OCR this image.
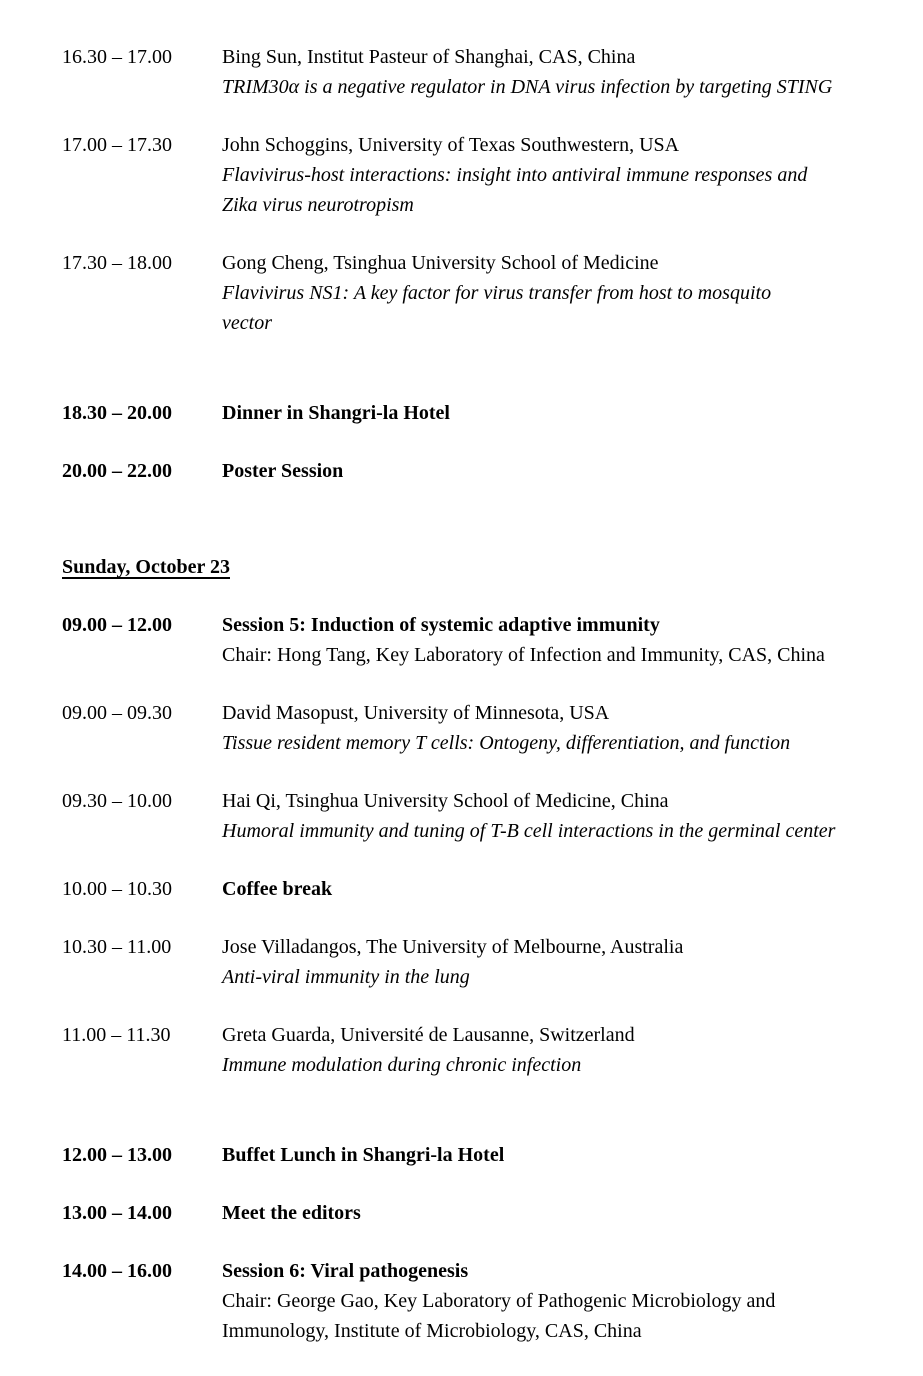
16.30 – 17.00	Bing Sun, Institut Pasteur of Shanghai, CAS, China
TRIM30α is a negative regulator in DNA virus infection by targeting STING
17.00 – 17.30	John Schoggins, University of Texas Southwestern, USA
Flavivirus-host interactions: insight into antiviral immune responses and
Zika virus neurotropism
17.30 – 18.00	Gong Cheng, Tsinghua University School of Medicine
Flavivirus NS1: A key factor for virus transfer from host to mosquito
vector
18.30 – 20.00	Dinner in Shangri-la Hotel
20.00 – 22.00	Poster Session
Sunday, October 23
09.00 – 12.00	Session 5: Induction of systemic adaptive immunity
Chair: Hong Tang, Key Laboratory of Infection and Immunity, CAS, China
09.00 – 09.30	David Masopust, University of Minnesota, USA
Tissue resident memory T cells: Ontogeny, differentiation, and function
09.30 – 10.00	Hai Qi, Tsinghua University School of Medicine, China
Humoral immunity and tuning of T-B cell interactions in the germinal center
10.00 – 10.30	Coffee break
10.30 – 11.00	Jose Villadangos, The University of Melbourne, Australia
Anti-viral immunity in the lung
11.00 – 11.30	Greta Guarda, Université de Lausanne, Switzerland
Immune modulation during chronic infection
12.00 – 13.00	Buffet Lunch in Shangri-la Hotel
13.00 – 14.00	Meet the editors
14.00 – 16.00	Session 6: Viral pathogenesis
Chair: George Gao, Key Laboratory of Pathogenic Microbiology and
Immunology, Institute of Microbiology, CAS, China
